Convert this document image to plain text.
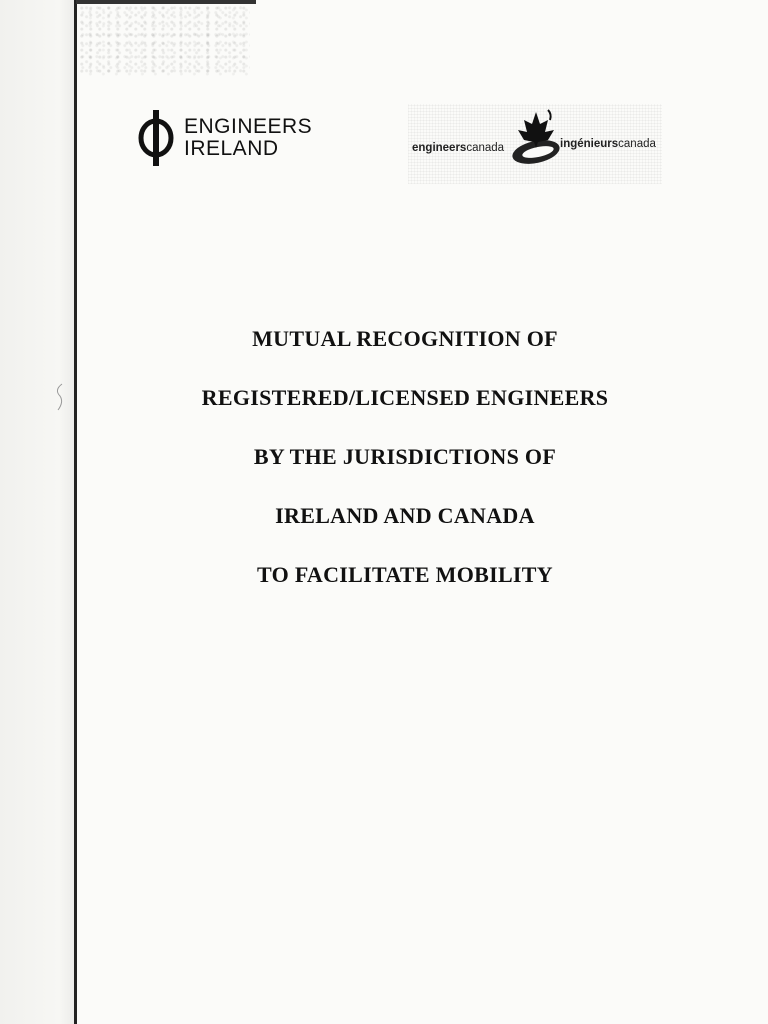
ENGINEERS
IRELAND	engineerscanada	ingénieurscanada
MUTUAL RECOGNITION OF
REGISTERED/LICENSED ENGINEERS
BY THE JURISDICTIONS OF
IRELAND AND CANADA
TO FACILITATE MOBILITY
